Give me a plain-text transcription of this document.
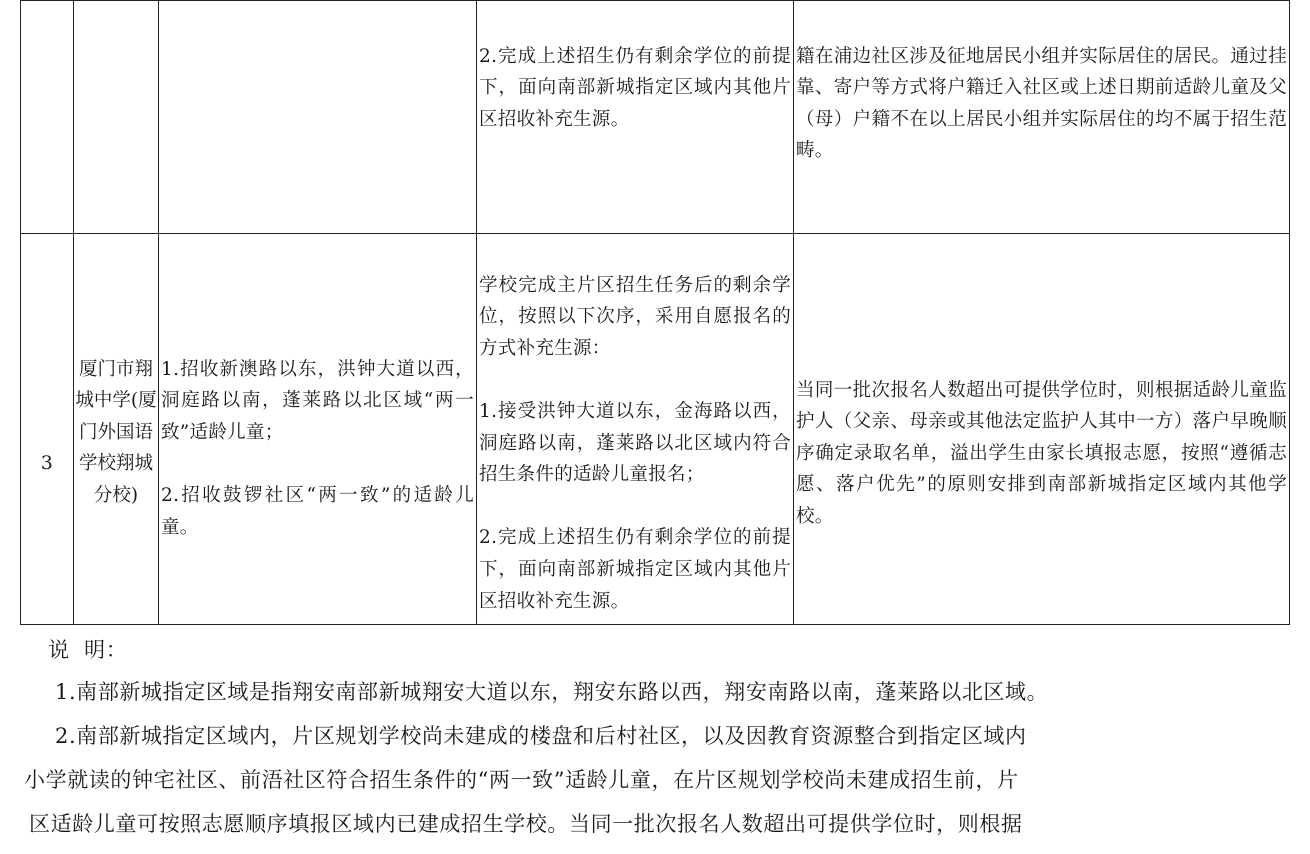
2.完成上述招生仍有剩余学位的前提下，面向南部新城指定区域内其他片区招收补充生源。

籍在浦边社区涉及征地居民小组并实际居住的居民。通过挂靠、寄户等方式将户籍迁入社区或上述日期前适龄儿童及父（母）户籍不在以上居民小组并实际居住的均不属于招生范畴。

3

厦门市翔城中学(厦门外国语学校翔城分校)

1.招收新澳路以东，洪钟大道以西，洞庭路以南，蓬莱路以北区域“两一致”适龄儿童；

2.招收鼓锣社区“两一致”的适龄儿童。

学校完成主片区招生任务后的剩余学位，按照以下次序，采用自愿报名的方式补充生源：

1.接受洪钟大道以东，金海路以西，洞庭路以南，蓬莱路以北区域内符合招生条件的适龄儿童报名；

2.完成上述招生仍有剩余学位的前提下，面向南部新城指定区域内其他片区招收补充生源。

当同一批次报名人数超出可提供学位时，则根据适龄儿童监护人（父亲、母亲或其他法定监护人其中一方）落户早晚顺序确定录取名单，溢出学生由家长填报志愿，按照“遵循志愿、落户优先”的原则安排到南部新城指定区域内其他学校。

说  明：
1.南部新城指定区域是指翔安南部新城翔安大道以东，翔安东路以西，翔安南路以南，蓬莱路以北区域。
2.南部新城指定区域内，片区规划学校尚未建成的楼盘和后村社区，以及因教育资源整合到指定区域内
小学就读的钟宅社区、前浯社区符合招生条件的“两一致”适龄儿童，在片区规划学校尚未建成招生前，片
区适龄儿童可按照志愿顺序填报区域内已建成招生学校。当同一批次报名人数超出可提供学位时，则根据
